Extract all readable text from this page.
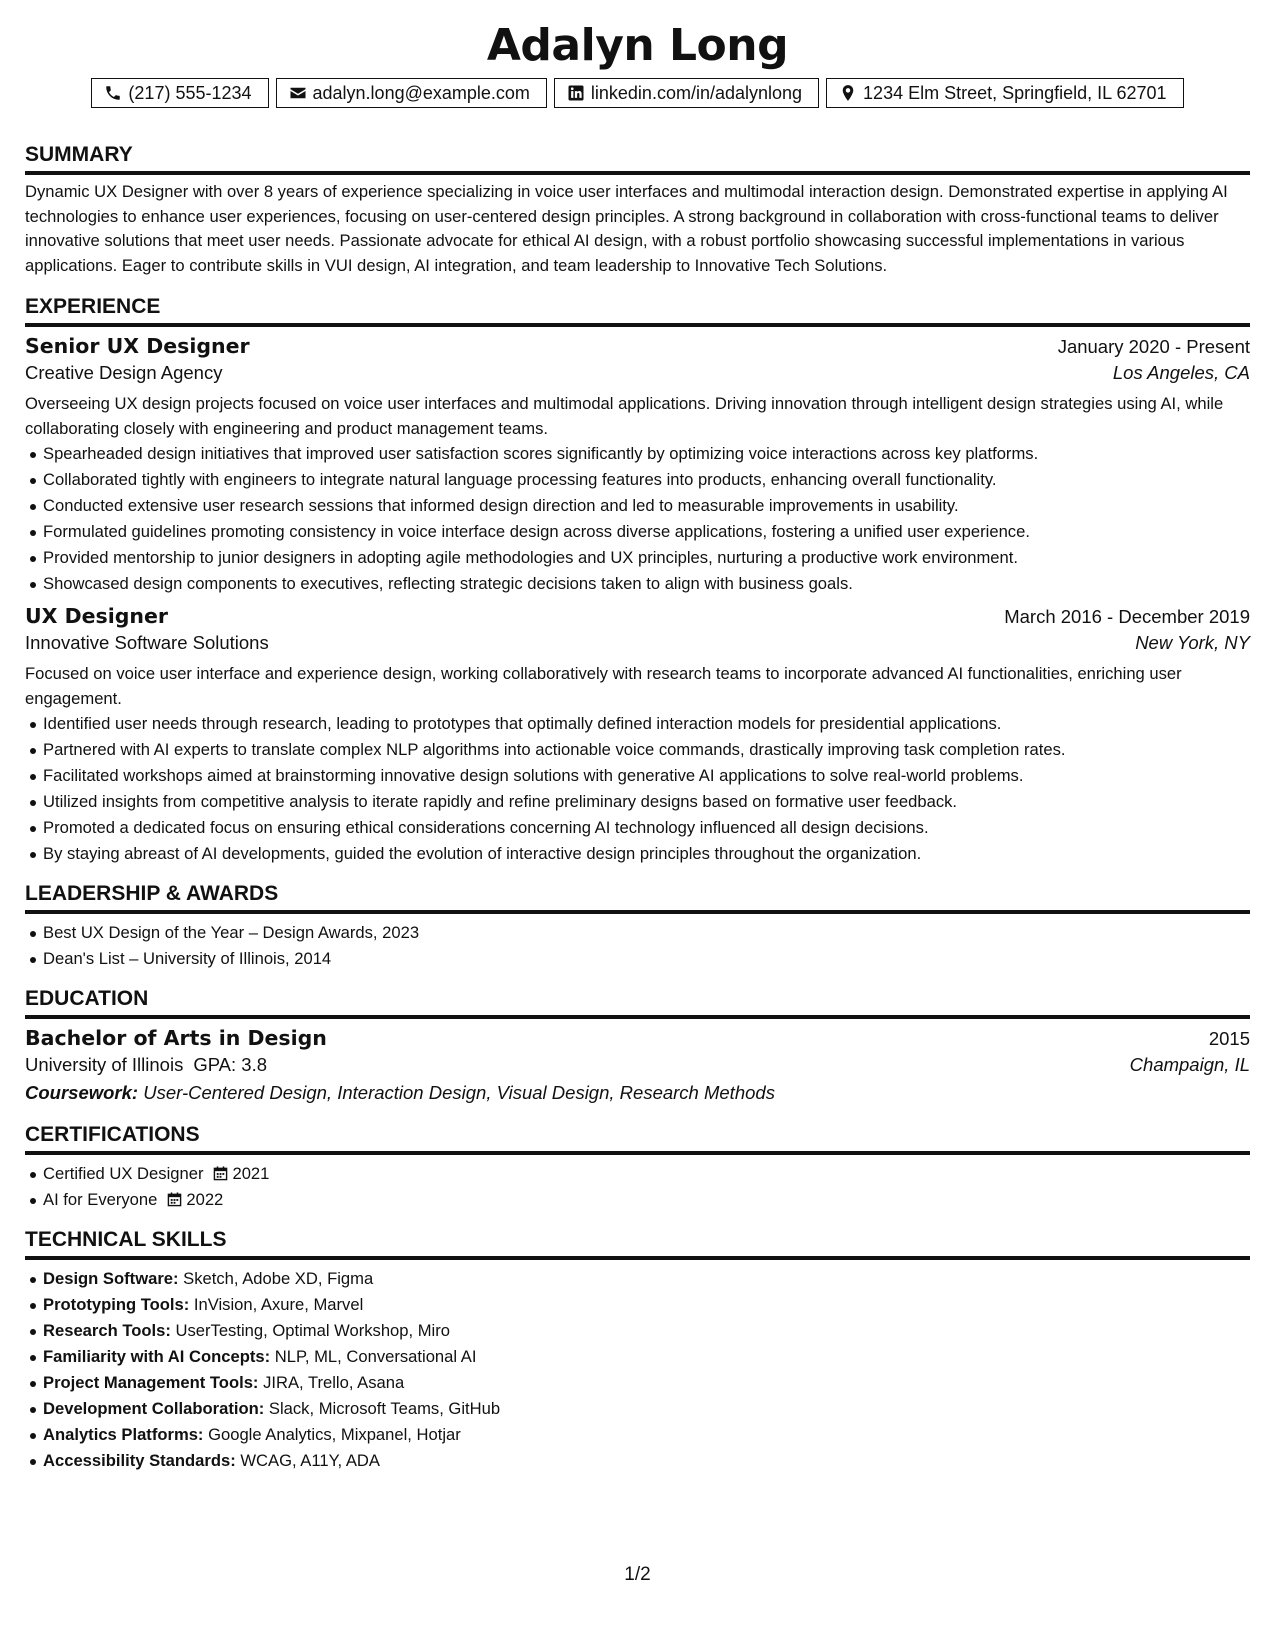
Adalyn Long
(217) 555-1234	adalyn.long@example.com	linkedin.com/in/adalynlong	1234 Elm Street, Springfield, IL 62701
SUMMARY

Dynamic UX Designer with over 8 years of experience specializing in voice user interfaces and multimodal interaction design. Demonstrated expertise in applying AI technologies to enhance user experiences, focusing on user-centered design principles. A strong background in collaboration with cross-functional teams to deliver innovative solutions that meet user needs. Passionate advocate for ethical AI design, with a robust portfolio showcasing successful implementations in various applications. Eager to contribute skills in VUI design, AI integration, and team leadership to Innovative Tech Solutions.

EXPERIENCE
Senior UX Designer	January 2020 - Present
Creative Design Agency	Los Angeles, CA

Overseeing UX design projects focused on voice user interfaces and multimodal applications. Driving innovation through intelligent design strategies using AI, while collaborating closely with engineering and product management teams.

Spearheaded design initiatives that improved user satisfaction scores significantly by optimizing voice interactions across key platforms.
Collaborated tightly with engineers to integrate natural language processing features into products, enhancing overall functionality.
Conducted extensive user research sessions that informed design direction and led to measurable improvements in usability.
Formulated guidelines promoting consistency in voice interface design across diverse applications, fostering a unified user experience.
Provided mentorship to junior designers in adopting agile methodologies and UX principles, nurturing a productive work environment.
Showcased design components to executives, reflecting strategic decisions taken to align with business goals.
UX Designer	March 2016 - December 2019
Innovative Software Solutions	New York, NY

Focused on voice user interface and experience design, working collaboratively with research teams to incorporate advanced AI functionalities, enriching user engagement.

Identified user needs through research, leading to prototypes that optimally defined interaction models for presidential applications.
Partnered with AI experts to translate complex NLP algorithms into actionable voice commands, drastically improving task completion rates.
Facilitated workshops aimed at brainstorming innovative design solutions with generative AI applications to solve real-world problems.
Utilized insights from competitive analysis to iterate rapidly and refine preliminary designs based on formative user feedback.
Promoted a dedicated focus on ensuring ethical considerations concerning AI technology influenced all design decisions.
By staying abreast of AI developments, guided the evolution of interactive design principles throughout the organization.
LEADERSHIP & AWARDS
Best UX Design of the Year – Design Awards, 2023
Dean's List – University of Illinois, 2014
EDUCATION
Bachelor of Arts in Design	2015
University of Illinois GPA: 3.8	Champaign, IL
Coursework: User-Centered Design, Interaction Design, Visual Design, Research Methods
CERTIFICATIONS
Certified UX Designer 2021
AI for Everyone 2022
TECHNICAL SKILLS
Design Software: Sketch, Adobe XD, Figma
Prototyping Tools: InVision, Axure, Marvel
Research Tools: UserTesting, Optimal Workshop, Miro
Familiarity with AI Concepts: NLP, ML, Conversational AI
Project Management Tools: JIRA, Trello, Asana
Development Collaboration: Slack, Microsoft Teams, GitHub
Analytics Platforms: Google Analytics, Mixpanel, Hotjar
Accessibility Standards: WCAG, A11Y, ADA
1/2
